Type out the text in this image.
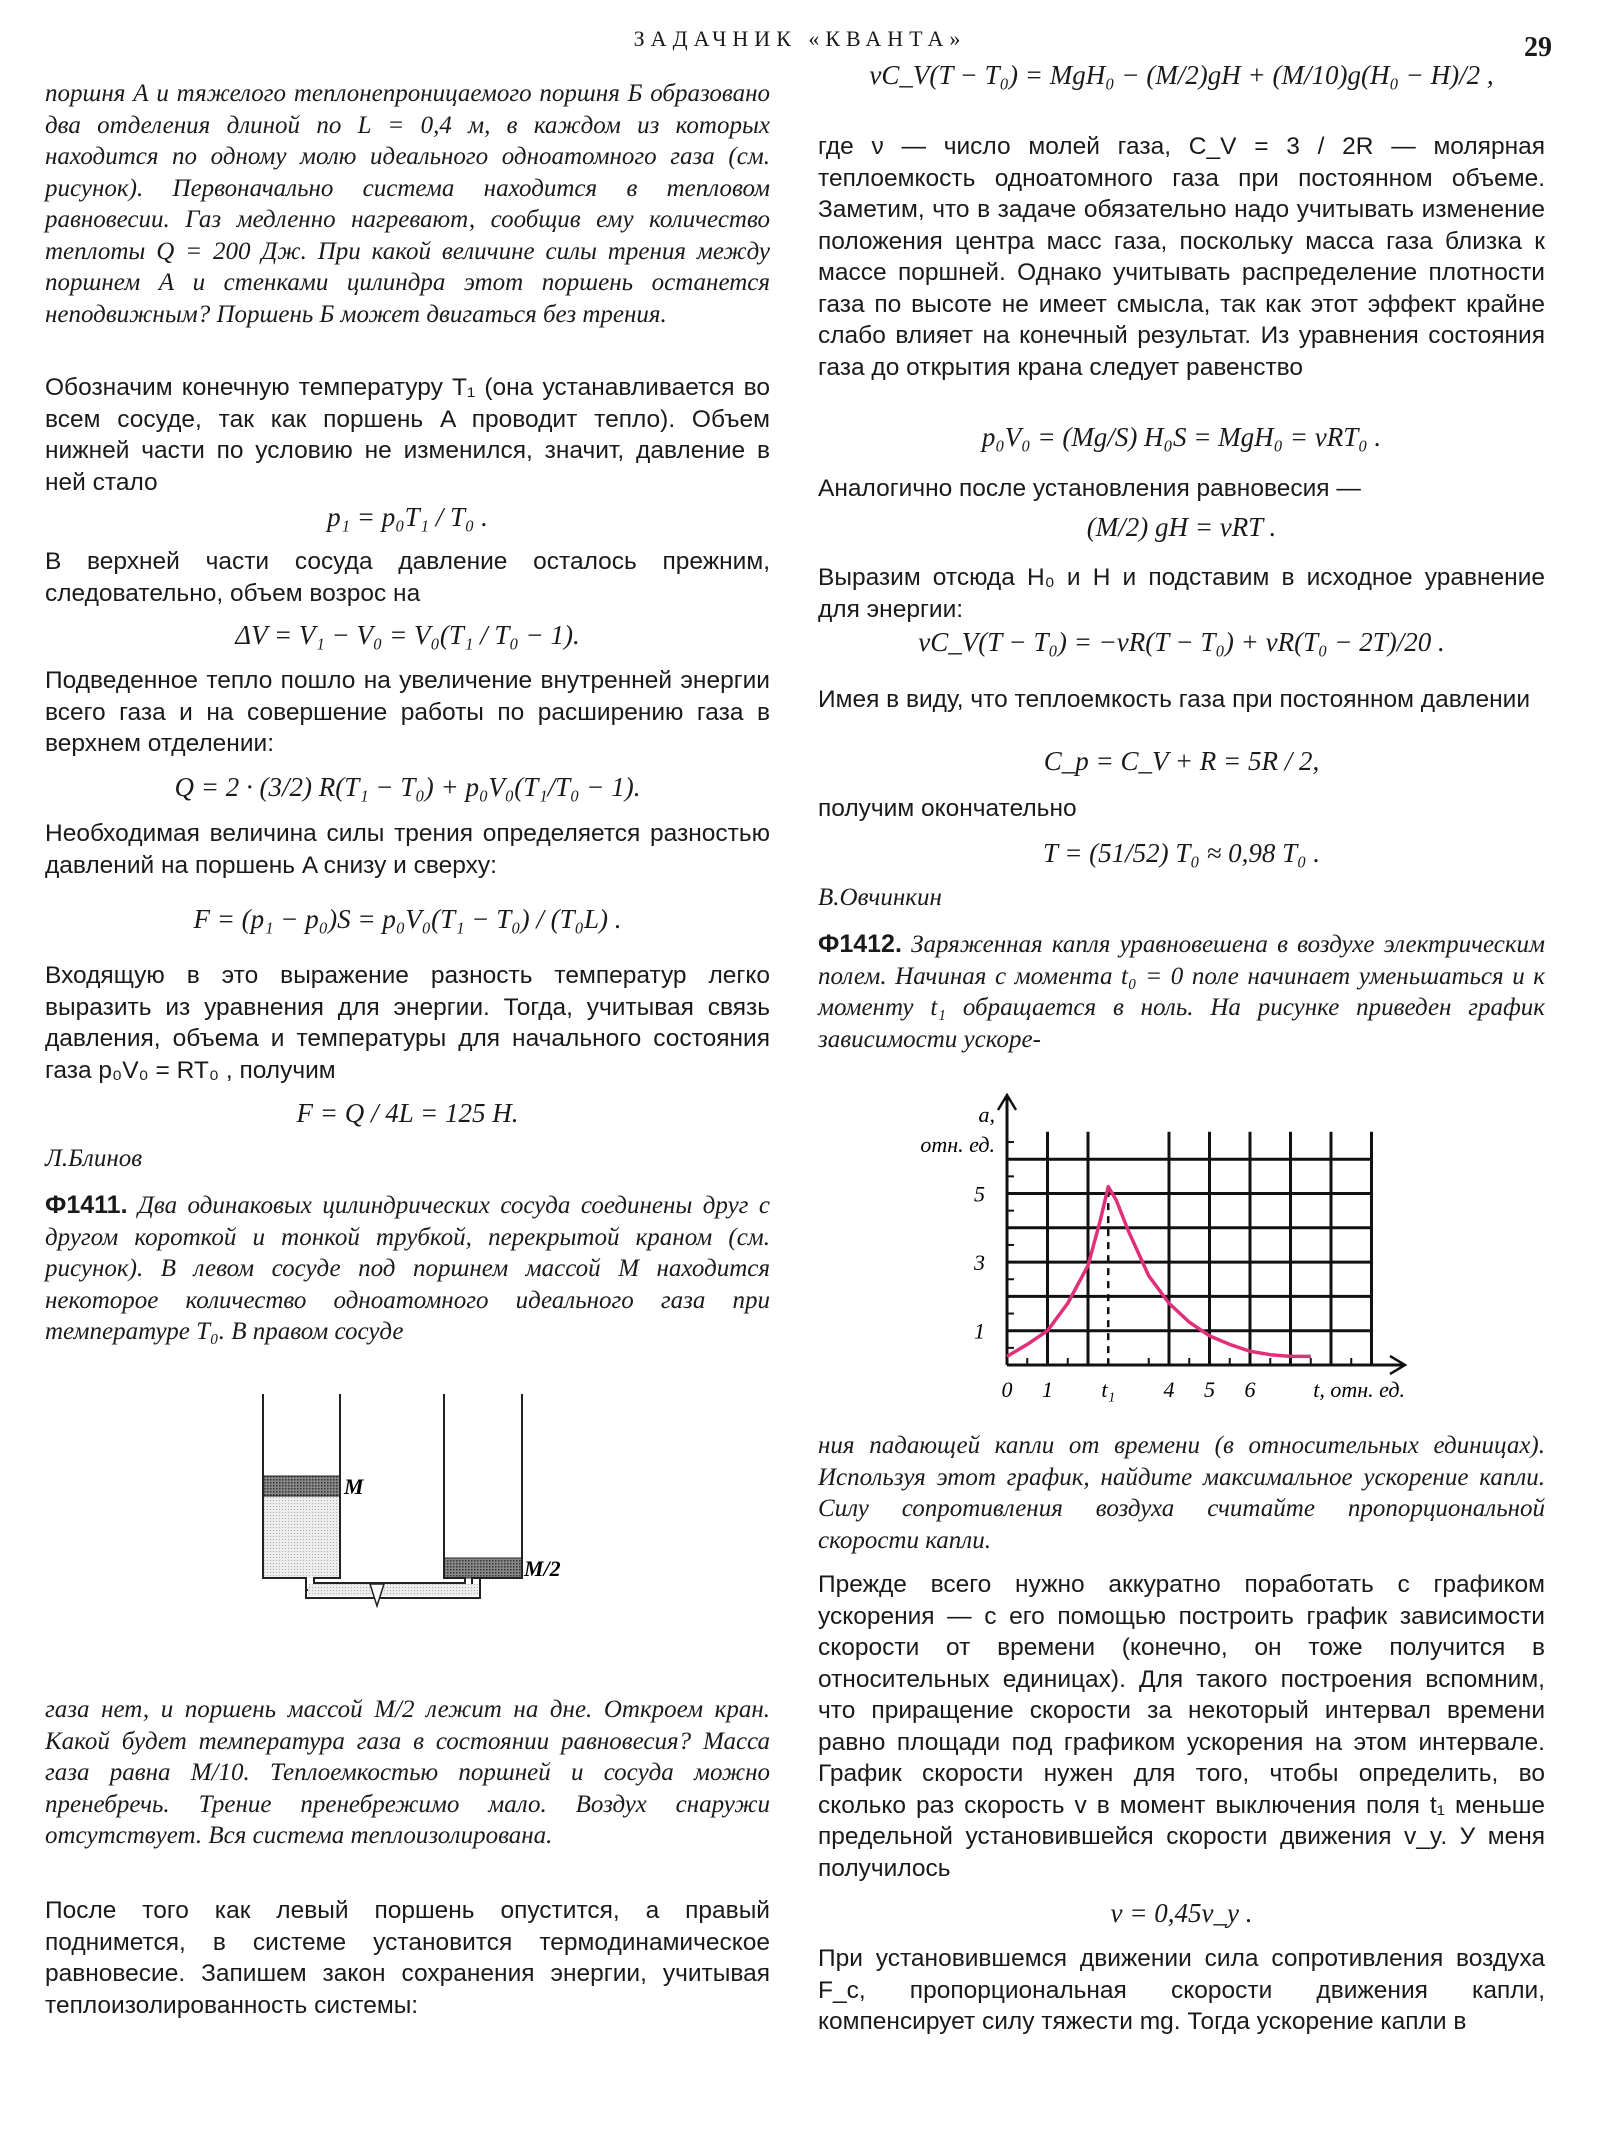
ЗАДАЧНИК «КВАНТА»	29
поршня А и тяжелого теплонепроницаемого поршня Б образовано два отделения длиной по L = 0,4 м, в каждом из которых находится по одному молю идеального одноатомного газа (см. рисунок). Первоначально система находится в тепловом равновесии. Газ медленно нагревают, сообщив ему количество теплоты Q = 200 Дж. При какой величине силы трения между поршнем А и стенками цилиндра этот поршень останется неподвижным? Поршень Б может двигаться без трения.
Обозначим конечную температуру T₁ (она устанавливается во всем сосуде, так как поршень A проводит тепло). Объем нижней части по условию не изменился, значит, давление в ней стало
p₁ = p₀T₁ / T₀ .
В верхней части сосуда давление осталось прежним, следовательно, объем возрос на
ΔV = V₁ − V₀ = V₀(T₁ / T₀ − 1).
Подведенное тепло пошло на увеличение внутренней энергии всего газа и на совершение работы по расширению газа в верхнем отделении:
Q = 2 · (3/2) R(T₁ − T₀) + p₀V₀(T₁/T₀ − 1).
Необходимая величина силы трения определяется разностью давлений на поршень A снизу и сверху:
F = (p₁ − p₀)S = p₀V₀(T₁ − T₀) / (T₀L) .
Входящую в это выражение разность температур легко выразить из уравнения для энергии. Тогда, учитывая связь давления, объема и температуры для начального состояния газа p₀V₀ = RT₀ , получим
F = Q / 4L = 125 Н.
Л.Блинов
Ф1411. Два одинаковых цилиндрических сосуда соединены друг с другом короткой и тонкой трубкой, перекрытой краном (см. рисунок). В левом сосуде под поршнем массой M находится некоторое количество одноатомного идеального газа при температуре T₀. В правом сосуде
M
M/2
газа нет, и поршень массой M/2 лежит на дне. Откроем кран. Какой будет температура газа в состоянии равновесия? Масса газа равна M/10. Теплоемкостью поршней и сосуда можно пренебречь. Трение пренебрежимо мало. Воздух снаружи отсутствует. Вся система теплоизолирована.
После того как левый поршень опустится, а правый поднимется, в системе установится термодинамическое равновесие. Запишем закон сохранения энергии, учитывая теплоизолированность системы:
νC_V(T − T₀) = MgH₀ − (M/2)gH + (M/10)g(H₀ − H)/2 ,
где ν — число молей газа, C_V = 3 / 2R — молярная теплоемкость одноатомного газа при постоянном объеме. Заметим, что в задаче обязательно надо учитывать изменение положения центра масс газа, поскольку масса газа близка к массе поршней. Однако учитывать распределение плотности газа по высоте не имеет смысла, так как этот эффект крайне слабо влияет на конечный результат. Из уравнения состояния газа до открытия крана следует равенство
p₀V₀ = (Mg/S) H₀S = MgH₀ = νRT₀ .
Аналогично после установления равновесия —
(M/2) gH = νRT .
Выразим отсюда H₀ и H и подставим в исходное уравнение для энергии:
νC_V(T − T₀) = −νR(T − T₀) + νR(T₀ − 2T)/20 .
Имея в виду, что теплоемкость газа при постоянном давлении
C_p = C_V + R = 5R / 2,
получим окончательно
T = (51/52) T₀ ≈ 0,98 T₀ .
В.Овчинкин
Ф1412. Заряженная капля уравновешена в воздухе электрическим полем. Начиная с момента t₀ = 0 поле начинает уменьшаться и к моменту t₁ обращается в ноль. На рисунке приведен график зависимости ускоре-
0 1 t₁ 4 5 6
1
3
5
a,
отн. ед.
t, отн. ед.
ния падающей капли от времени (в относительных единицах). Используя этот график, найдите максимальное ускорение капли. Силу сопротивления воздуха считайте пропорциональной скорости капли.
Прежде всего нужно аккуратно поработать с графиком ускорения — с его помощью построить график зависимости скорости от времени (конечно, он тоже получится в относительных единицах). Для такого построения вспомним, что приращение скорости за некоторый интервал времени равно площади под графиком ускорения на этом интервале. График скорости нужен для того, чтобы определить, во сколько раз скорость v в момент выключения поля t₁ меньше предельной установившейся скорости движения v_y. У меня получилось
v = 0,45v_y .
При установившемся движении сила сопротивления воздуха F_c, пропорциональная скорости движения капли, компенсирует силу тяжести mg. Тогда ускорение капли в
